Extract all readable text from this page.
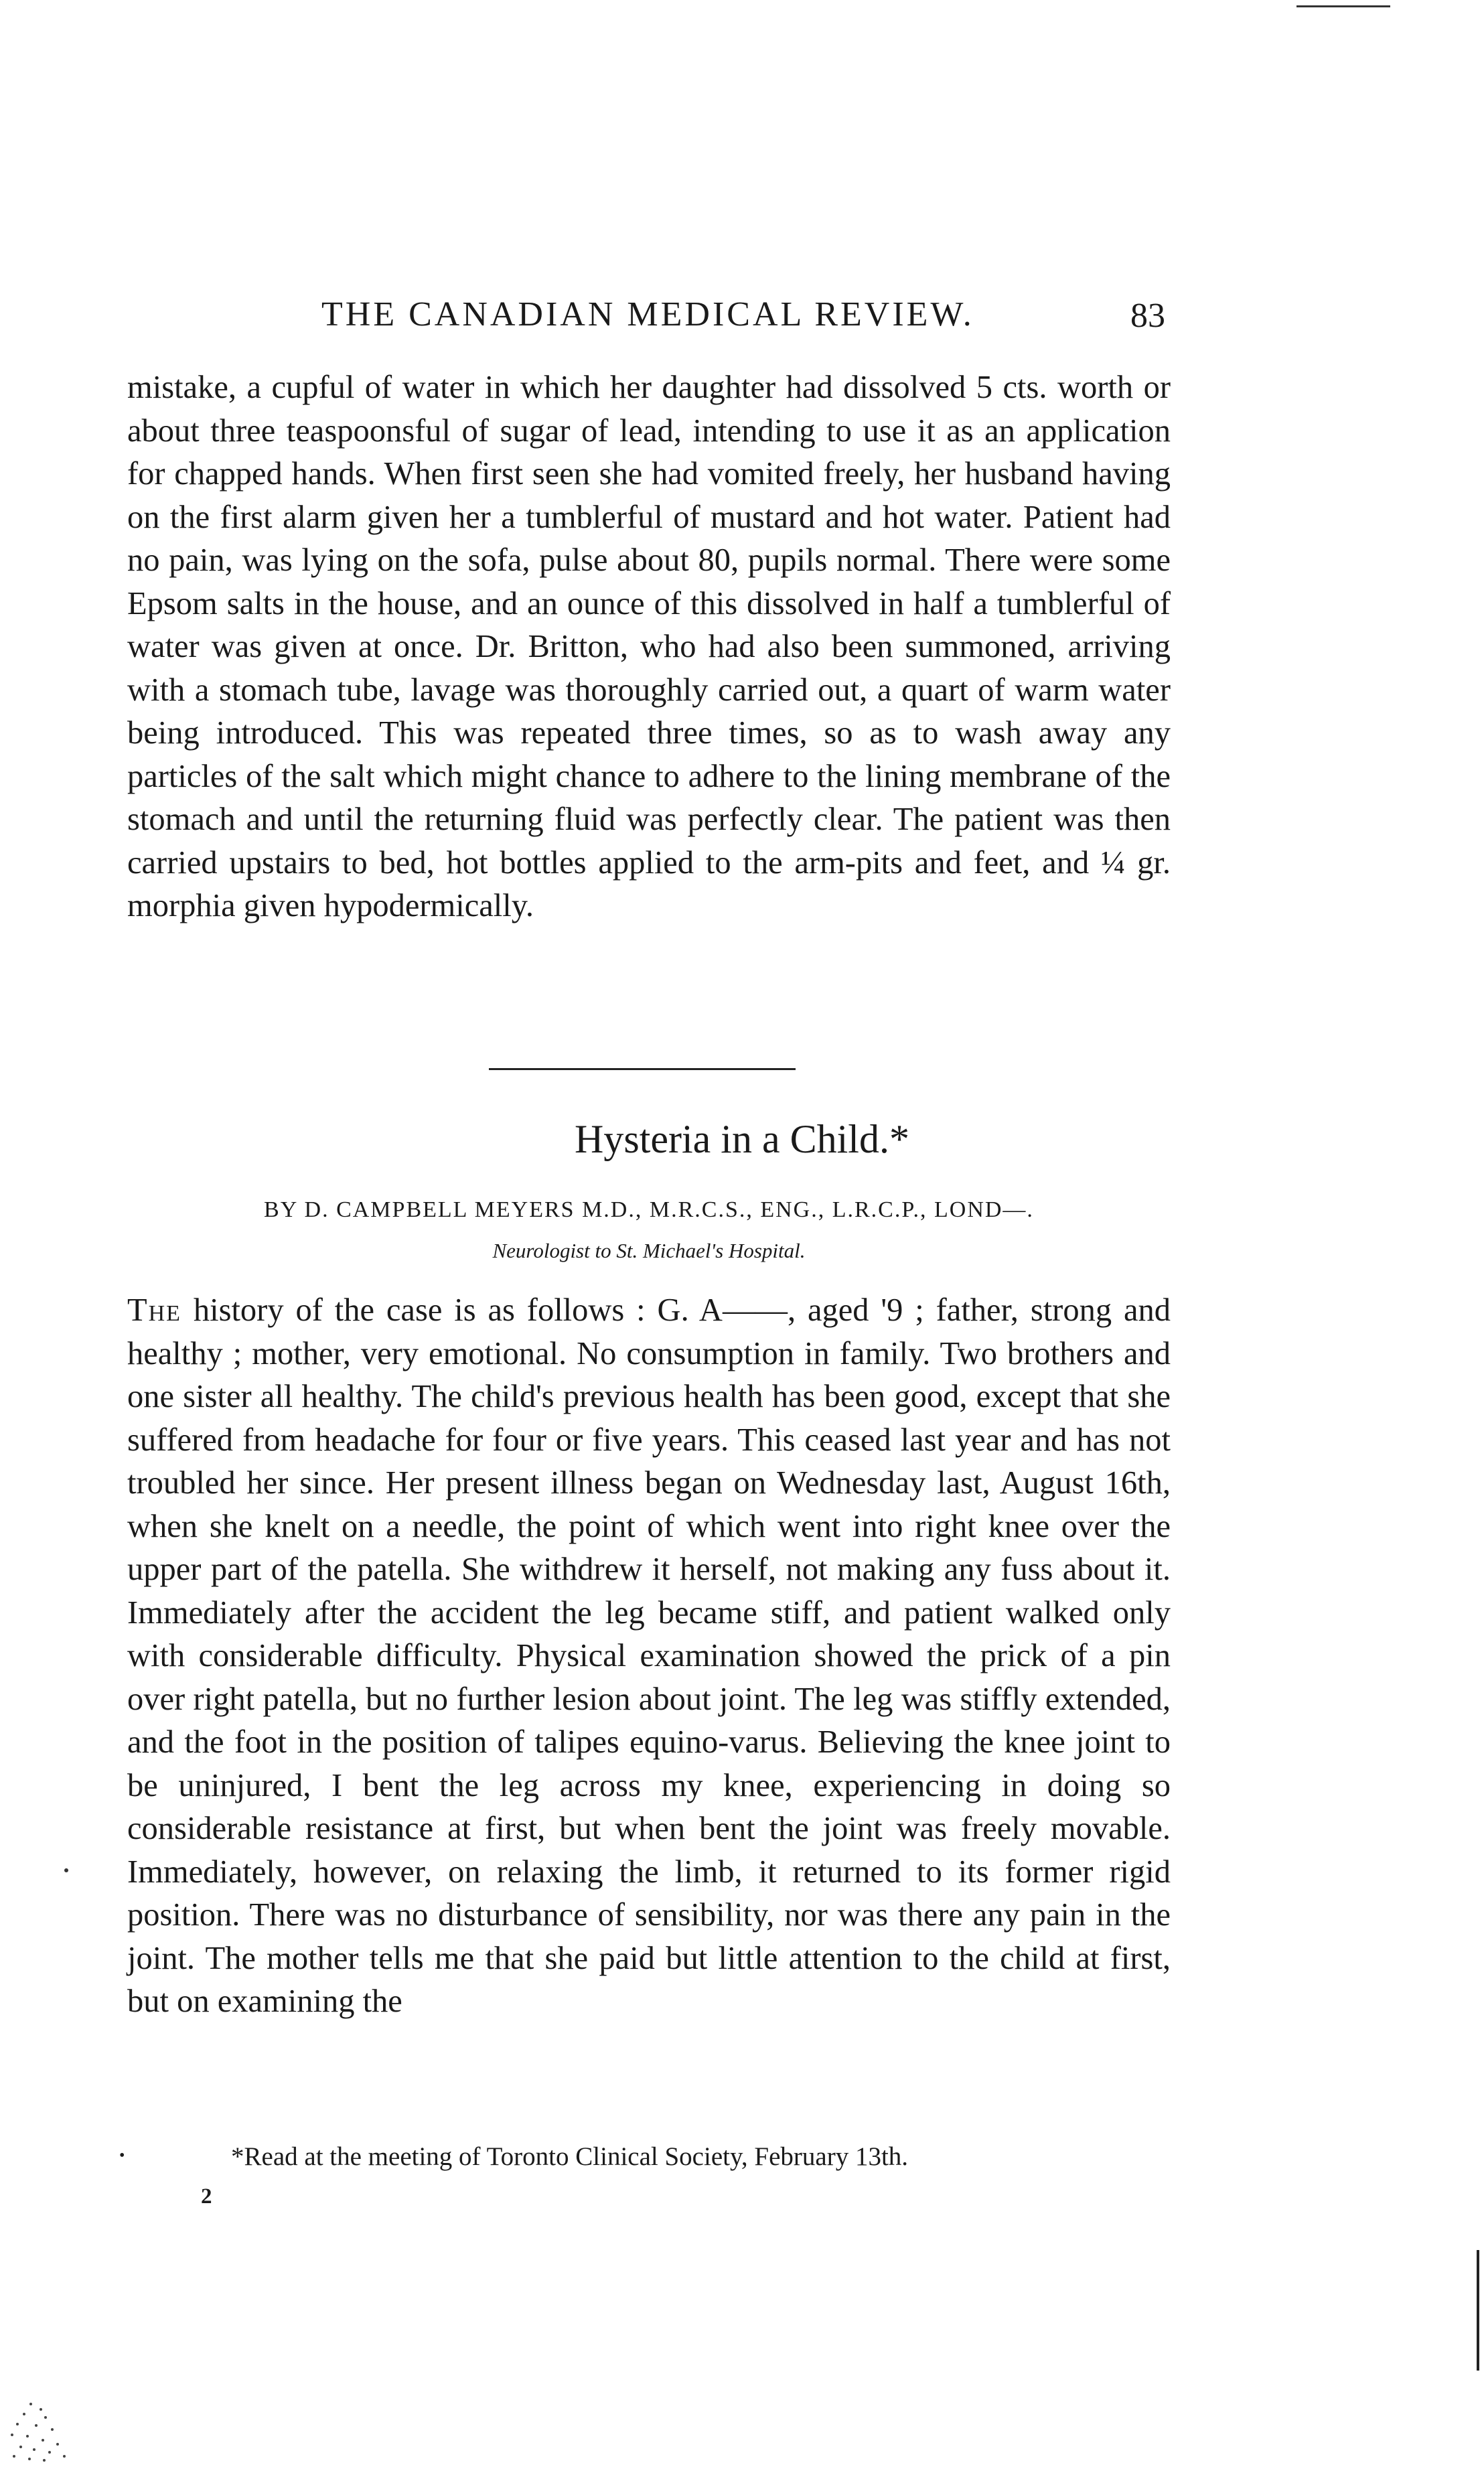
THE CANADIAN MEDICAL REVIEW.	83

mistake, a cupful of water in which her daughter had dissolved 5 cts. worth or about three teaspoonsful of sugar of lead, intending to use it as an application for chapped hands. When first seen she had vomited freely, her husband having on the first alarm given her a tumblerful of mustard and hot water. Patient had no pain, was lying on the sofa, pulse about 80, pupils normal. There were some Epsom salts in the house, and an ounce of this dissolved in half a tumblerful of water was given at once. Dr. Britton, who had also been summoned, arriving with a stomach tube, lavage was thoroughly carried out, a quart of warm water being introduced. This was repeated three times, so as to wash away any particles of the salt which might chance to adhere to the lining membrane of the stomach and until the returning fluid was perfectly clear. The patient was then carried upstairs to bed, hot bottles applied to the arm-pits and feet, and ¼ gr. morphia given hypodermically.

Hysteria in a Child.*
BY D. CAMPBELL MEYERS M.D., M.R.C.S., ENG., L.R.C.P., LOND—.
Neurologist to St. Michael's Hospital.

The history of the case is as follows : G. A——, aged '9 ; father, strong and healthy ; mother, very emotional. No consumption in family. Two brothers and one sister all healthy. The child's previous health has been good, except that she suffered from headache for four or five years. This ceased last year and has not troubled her since. Her present illness began on Wednesday last, August 16th, when she knelt on a needle, the point of which went into right knee over the upper part of the patella. She withdrew it herself, not making any fuss about it. Immediately after the accident the leg became stiff, and patient walked only with considerable difficulty. Physical examination showed the prick of a pin over right patella, but no further lesion about joint. The leg was stiffly extended, and the foot in the position of talipes equino-varus. Believing the knee joint to be uninjured, I bent the leg across my knee, experiencing in doing so considerable resistance at first, but when bent the joint was freely movable. Immediately, however, on relaxing the limb, it returned to its former rigid position. There was no disturbance of sensibility, nor was there any pain in the joint. The mother tells me that she paid but little attention to the child at first, but on examining the

•	*Read at the meeting of Toronto Clinical Society, February 13th.
2
